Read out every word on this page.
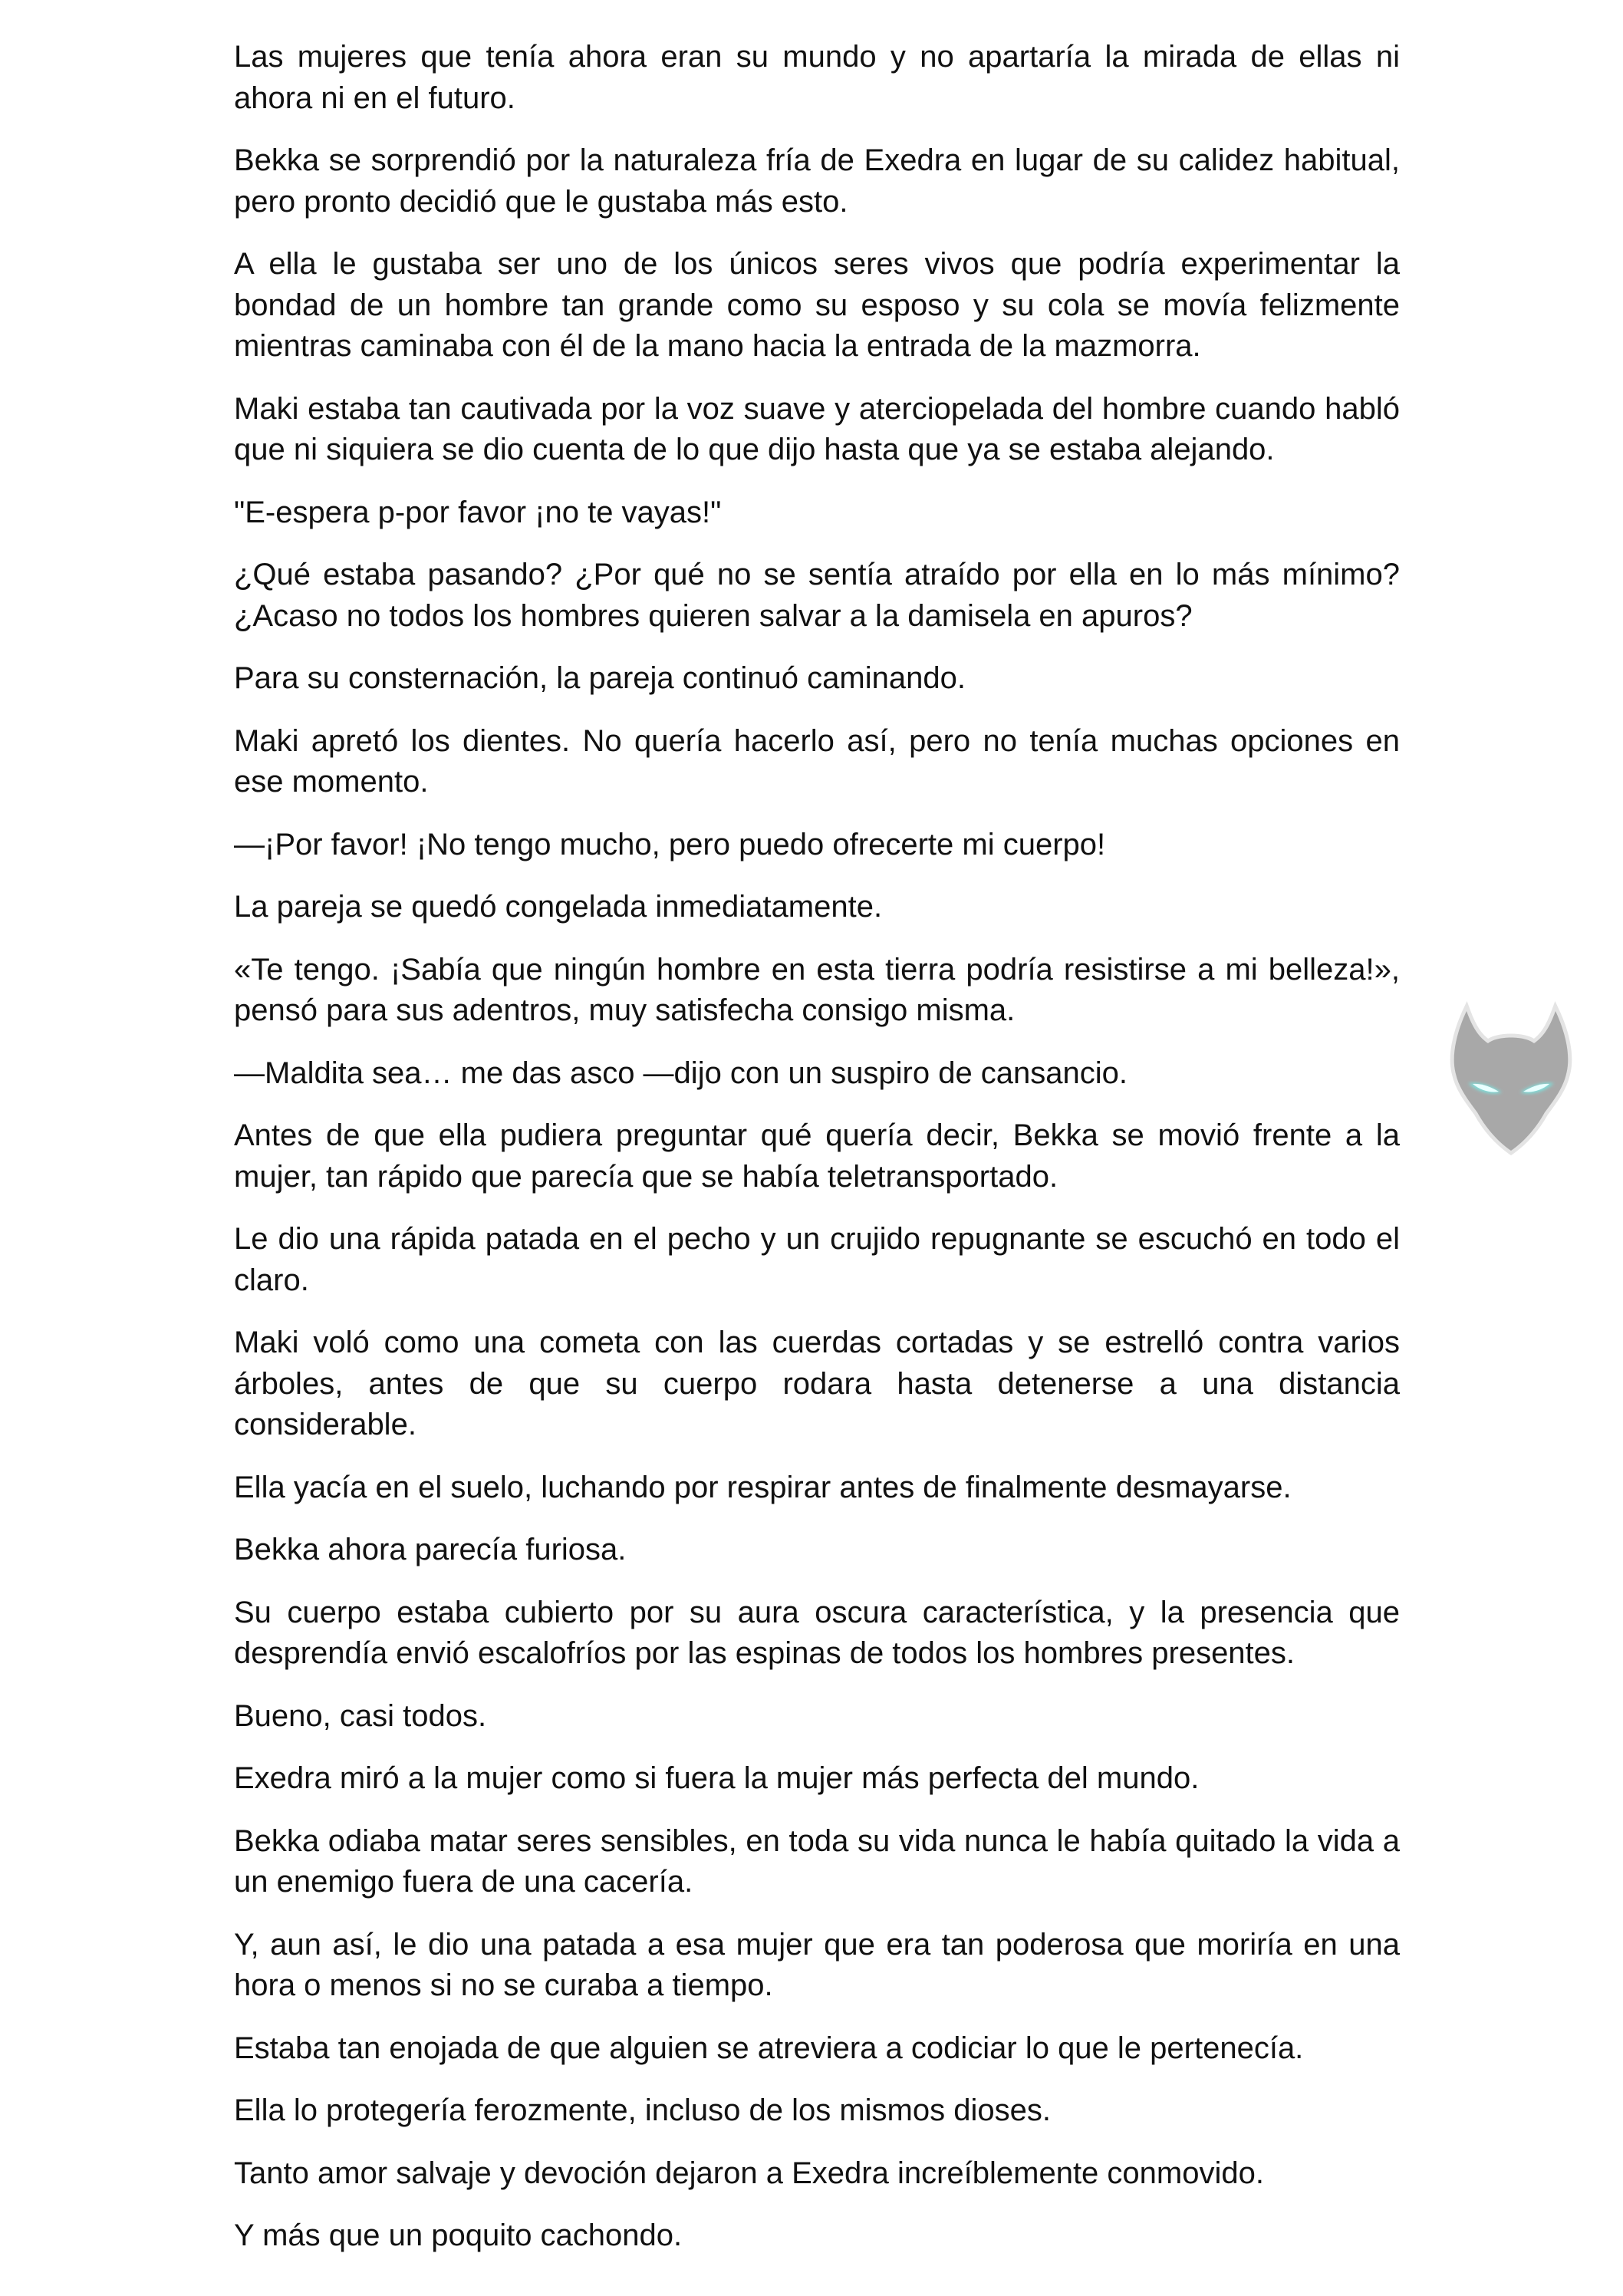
Las mujeres que tenía ahora eran su mundo y no apartaría la mirada de ellas ni ahora ni en el futuro.

Bekka se sorprendió por la naturaleza fría de Exedra en lugar de su calidez habitual, pero pronto decidió que le gustaba más esto.

A ella le gustaba ser uno de los únicos seres vivos que podría experimentar la bondad de un hombre tan grande como su esposo y su cola se movía felizmente mientras caminaba con él de la mano hacia la entrada de la mazmorra.

Maki estaba tan cautivada por la voz suave y aterciopelada del hombre cuando habló que ni siquiera se dio cuenta de lo que dijo hasta que ya se estaba alejando.

"E-espera p-por favor ¡no te vayas!"

¿Qué estaba pasando? ¿Por qué no se sentía atraído por ella en lo más mínimo? ¿Acaso no todos los hombres quieren salvar a la damisela en apuros?

Para su consternación, la pareja continuó caminando.

Maki apretó los dientes. No quería hacerlo así, pero no tenía muchas opciones en ese momento.

—¡Por favor! ¡No tengo mucho, pero puedo ofrecerte mi cuerpo!

La pareja se quedó congelada inmediatamente.

«Te tengo. ¡Sabía que ningún hombre en esta tierra podría resistirse a mi belleza!», pensó para sus adentros, muy satisfecha consigo misma.

—Maldita sea… me das asco —dijo con un suspiro de cansancio.

Antes de que ella pudiera preguntar qué quería decir, Bekka se movió frente a la mujer, tan rápido que parecía que se había teletransportado.

Le dio una rápida patada en el pecho y un crujido repugnante se escuchó en todo el claro.

Maki voló como una cometa con las cuerdas cortadas y se estrelló contra varios árboles, antes de que su cuerpo rodara hasta detenerse a una distancia considerable.

Ella yacía en el suelo, luchando por respirar antes de finalmente desmayarse.

Bekka ahora parecía furiosa.

Su cuerpo estaba cubierto por su aura oscura característica, y la presencia que desprendía envió escalofríos por las espinas de todos los hombres presentes.

Bueno, casi todos.

Exedra miró a la mujer como si fuera la mujer más perfecta del mundo.

Bekka odiaba matar seres sensibles, en toda su vida nunca le había quitado la vida a un enemigo fuera de una cacería.

Y, aun así, le dio una patada a esa mujer que era tan poderosa que moriría en una hora o menos si no se curaba a tiempo.

Estaba tan enojada de que alguien se atreviera a codiciar lo que le pertenecía.

Ella lo protegería ferozmente, incluso de los mismos dioses.

Tanto amor salvaje y devoción dejaron a Exedra increíblemente conmovido.

Y más que un poquito cachondo.
